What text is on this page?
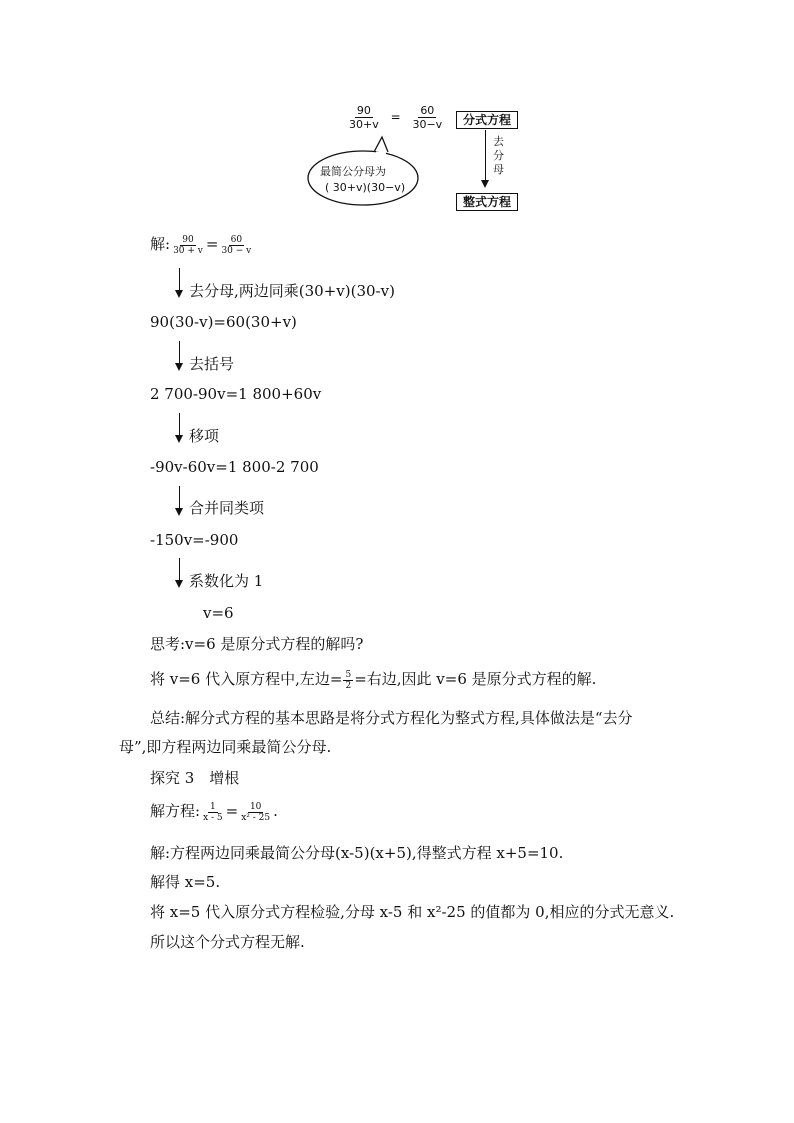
$\frac{90}{30+v} = \frac{60}{30-v}$
最简公分母为
( 30+v)(30−v)
分式方程
去
分
母
整式方程
解: $\frac{90}{30 + v} = \frac{60}{30 - v}$
去分母,两边同乘(30+v)(30-v)
90(30-v)=60(30+v)
去括号
2 700-90v=1 800+60v
移项
-90v-60v=1 800-2 700
合并同类项
-150v=-900
系数化为 1
v=6
思考:v=6 是原分式方程的解吗?
将 v=6 代入原方程中,左边= $\frac{5}{2}$ =右边,因此 v=6 是原分式方程的解.
总结:解分式方程的基本思路是将分式方程化为整式方程,具体做法是“去分
母”,即方程两边同乘最简公分母.
探究 3　增根
解方程: $\frac{1}{x - 5} = \frac{10}{\text{x² - 25}}$ .
解:方程两边同乘最简公分母(x-5)(x+5),得整式方程 x+5=10.
解得 x=5.
将 x=5 代入原分式方程检验,分母 x-5 和 x²-25 的值都为 0,相应的分式无意义.
所以这个分式方程无解.
